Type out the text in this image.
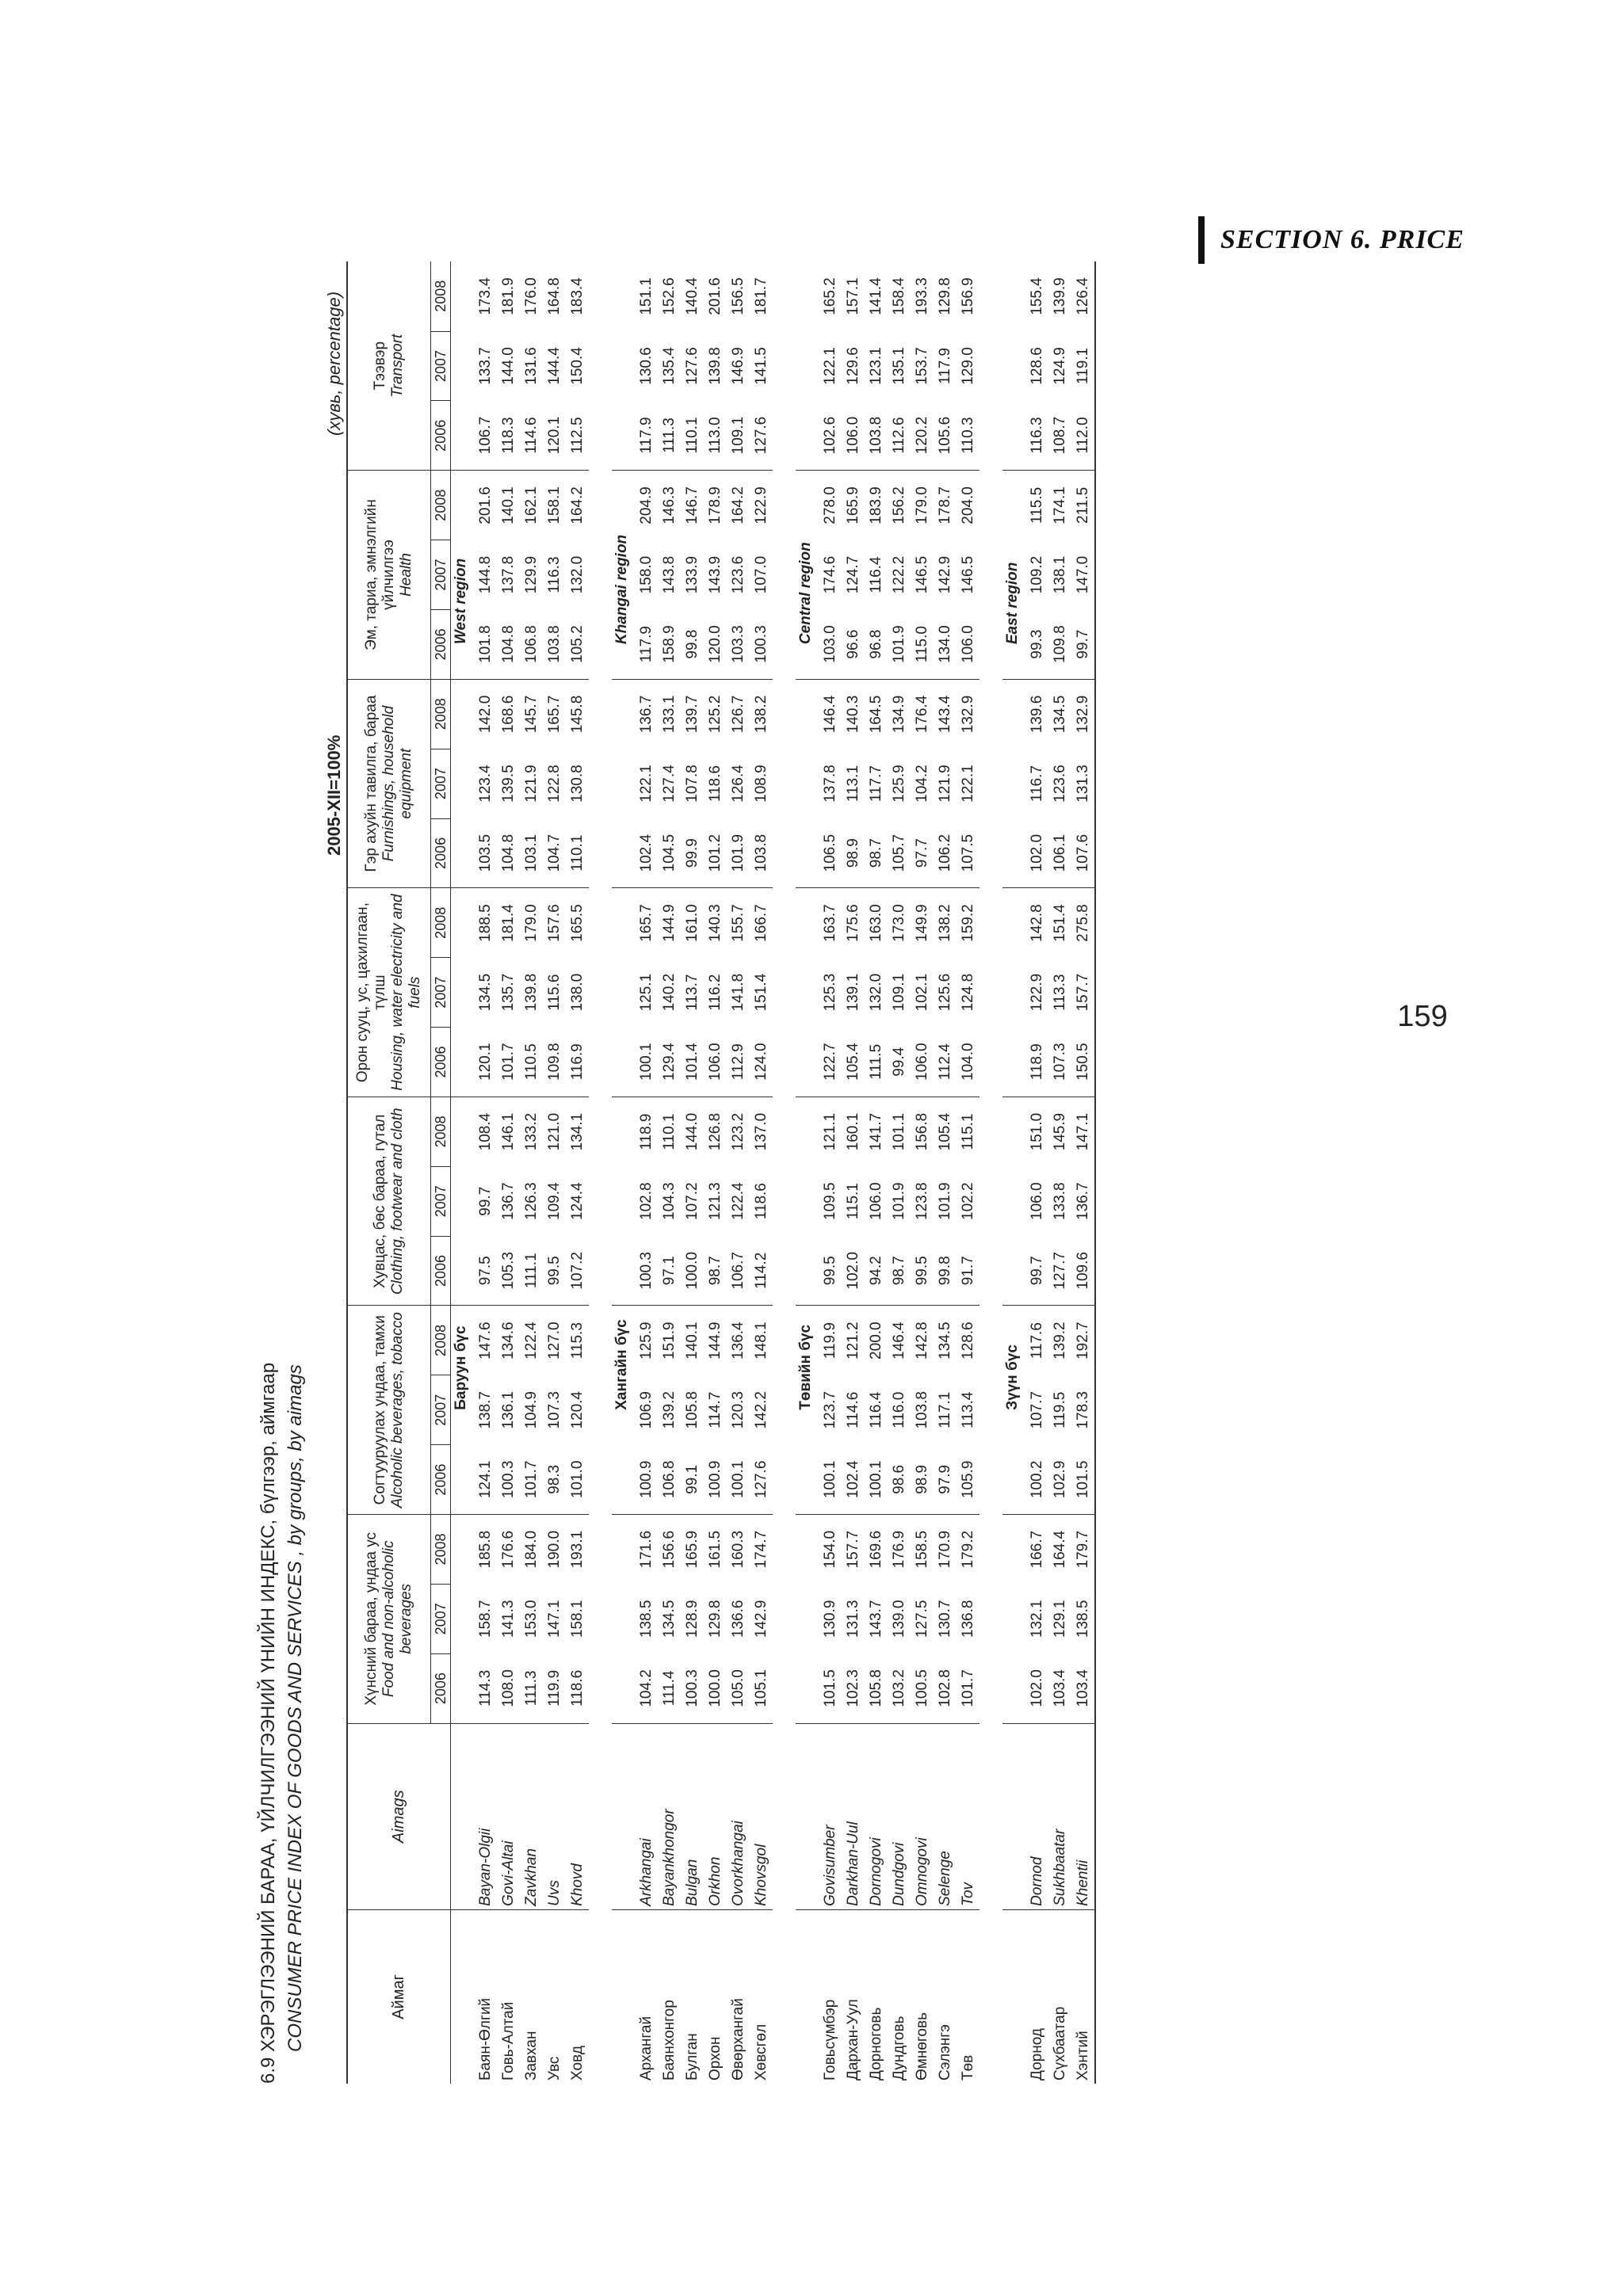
SECTION 6. PRICE
159
6.9 ХЭРЭГЛЭЭНИЙ БАРАА, ҮЙЛЧИЛГЭЭНИЙ ҮНИЙН ИНДЕКС, бүлгээр, аймгаар CONSUMER PRICE INDEX OF GOODS AND SERVICES , by groups, by aimags
2005-XII=100%
(хувь, percentage)
Аймаг	Aimags	Хүнсний бараа, ундаа ус Food and non-alcoholic beverages			Согтууруулах ундаа, тамхи Alcoholic beverages, tobacco			Хувцас, бөс бараа, гутал Clothing, footwear and cloth			Орон сууц, ус, цахилгаан, түлш Housing, water electricity and fuels			Гэр ахуйн тавилга, бараа Furnishings, household equipment			Эм, тариа, эмнэлгийн үйлчилгээ Health			Тээвэр Transport		

		2006	2007	2008	2006	2007	2008	2006	2007	2008	2006	2007	2008	2006	2007	2008	2006	2007	2008	2006	2007	2008

						Баруун бүс											West region					

Баян-Өлгий	Bayan-Olgii	114.3	158.7	185.8	124.1	138.7	147.6	97.5	99.7	108.4	120.1	134.5	188.5	103.5	123.4	142.0	101.8	144.8	201.6	106.7	133.7	173.4
Говь-Алтай	Govi-Altai	108.0	141.3	176.6	100.3	136.1	134.6	105.3	136.7	146.1	101.7	135.7	181.4	104.8	139.5	168.6	104.8	137.8	140.1	118.3	144.0	181.9
Завхан	Zavkhan	111.3	153.0	184.0	101.7	104.9	122.4	111.1	126.3	133.2	110.5	139.8	179.0	103.1	121.9	145.7	106.8	129.9	162.1	114.6	131.6	176.0
Увс	Uvs	119.9	147.1	190.0	98.3	107.3	127.0	99.5	109.4	121.0	109.8	115.6	157.6	104.7	122.8	165.7	103.8	116.3	158.1	120.1	144.4	164.8
Ховд	Khovd	118.6	158.1	193.1	101.0	120.4	115.3	107.2	124.4	134.1	116.9	138.0	165.5	110.1	130.8	145.8	105.2	132.0	164.2	112.5	150.4	183.4

						Хангайн бүс											Khangai region					

Архангай	Arkhangai	104.2	138.5	171.6	100.9	106.9	125.9	100.3	102.8	118.9	100.1	125.1	165.7	102.4	122.1	136.7	117.9	158.0	204.9	117.9	130.6	151.1
Баянхонгор	Bayankhongor	111.4	134.5	156.6	106.8	139.2	151.9	97.1	104.3	110.1	129.4	140.2	144.9	104.5	127.4	133.1	158.9	143.8	146.3	111.3	135.4	152.6
Булган	Bulgan	100.3	128.9	165.9	99.1	105.8	140.1	100.0	107.2	144.0	101.4	113.7	161.0	99.9	107.8	139.7	99.8	133.9	146.7	110.1	127.6	140.4
Орхон	Orkhon	100.0	129.8	161.5	100.9	114.7	144.9	98.7	121.3	126.8	106.0	116.2	140.3	101.2	118.6	125.2	120.0	143.9	178.9	113.0	139.8	201.6
Өвөрхангай	Ovorkhangai	105.0	136.6	160.3	100.1	120.3	136.4	106.7	122.4	123.2	112.9	141.8	155.7	101.9	126.4	126.7	103.3	123.6	164.2	109.1	146.9	156.5
Хөвсгөл	Khovsgol	105.1	142.9	174.7	127.6	142.2	148.1	114.2	118.6	137.0	124.0	151.4	166.7	103.8	108.9	138.2	100.3	107.0	122.9	127.6	141.5	181.7

						Төвийн бүс											Central region					

Говьсүмбэр	Govisumber	101.5	130.9	154.0	100.1	123.7	119.9	99.5	109.5	121.1	122.7	125.3	163.7	106.5	137.8	146.4	103.0	174.6	278.0	102.6	122.1	165.2
Дархан-Уул	Darkhan-Uul	102.3	131.3	157.7	102.4	114.6	121.2	102.0	115.1	160.1	105.4	139.1	175.6	98.9	113.1	140.3	96.6	124.7	165.9	106.0	129.6	157.1
Дорноговь	Dornogovi	105.8	143.7	169.6	100.1	116.4	200.0	94.2	106.0	141.7	111.5	132.0	163.0	98.7	117.7	164.5	96.8	116.4	183.9	103.8	123.1	141.4
Дундговь	Dundgovi	103.2	139.0	176.9	98.6	116.0	146.4	98.7	101.9	101.1	99.4	109.1	173.0	105.7	125.9	134.9	101.9	122.2	156.2	112.6	135.1	158.4
Өмнөговь	Omnogovi	100.5	127.5	158.5	98.9	103.8	142.8	99.5	123.8	156.8	106.0	102.1	149.9	97.7	104.2	176.4	115.0	146.5	179.0	120.2	153.7	193.3
Сэлэнгэ	Selenge	102.8	130.7	170.9	97.9	117.1	134.5	99.8	101.9	105.4	112.4	125.6	138.2	106.2	121.9	143.4	134.0	142.9	178.7	105.6	117.9	129.8
Төв	Tov	101.7	136.8	179.2	105.9	113.4	128.6	91.7	102.2	115.1	104.0	124.8	159.2	107.5	122.1	132.9	106.0	146.5	204.0	110.3	129.0	156.9

						Зүүн бүс											East region					

Дорнод	Dornod	102.0	132.1	166.7	100.2	107.7	117.6	99.7	106.0	151.0	118.9	122.9	142.8	102.0	116.7	139.6	99.3	109.2	115.5	116.3	128.6	155.4
Сүхбаатар	Sukhbaatar	103.4	129.1	164.4	102.9	119.5	139.2	127.7	133.8	145.9	107.3	113.3	151.4	106.1	123.6	134.5	109.8	138.1	174.1	108.7	124.9	139.9
Хэнтий	Khentii	103.4	138.5	179.7	101.5	178.3	192.7	109.6	136.7	147.1	150.5	157.7	275.8	107.6	131.3	132.9	99.7	147.0	211.5	112.0	119.1	126.4
